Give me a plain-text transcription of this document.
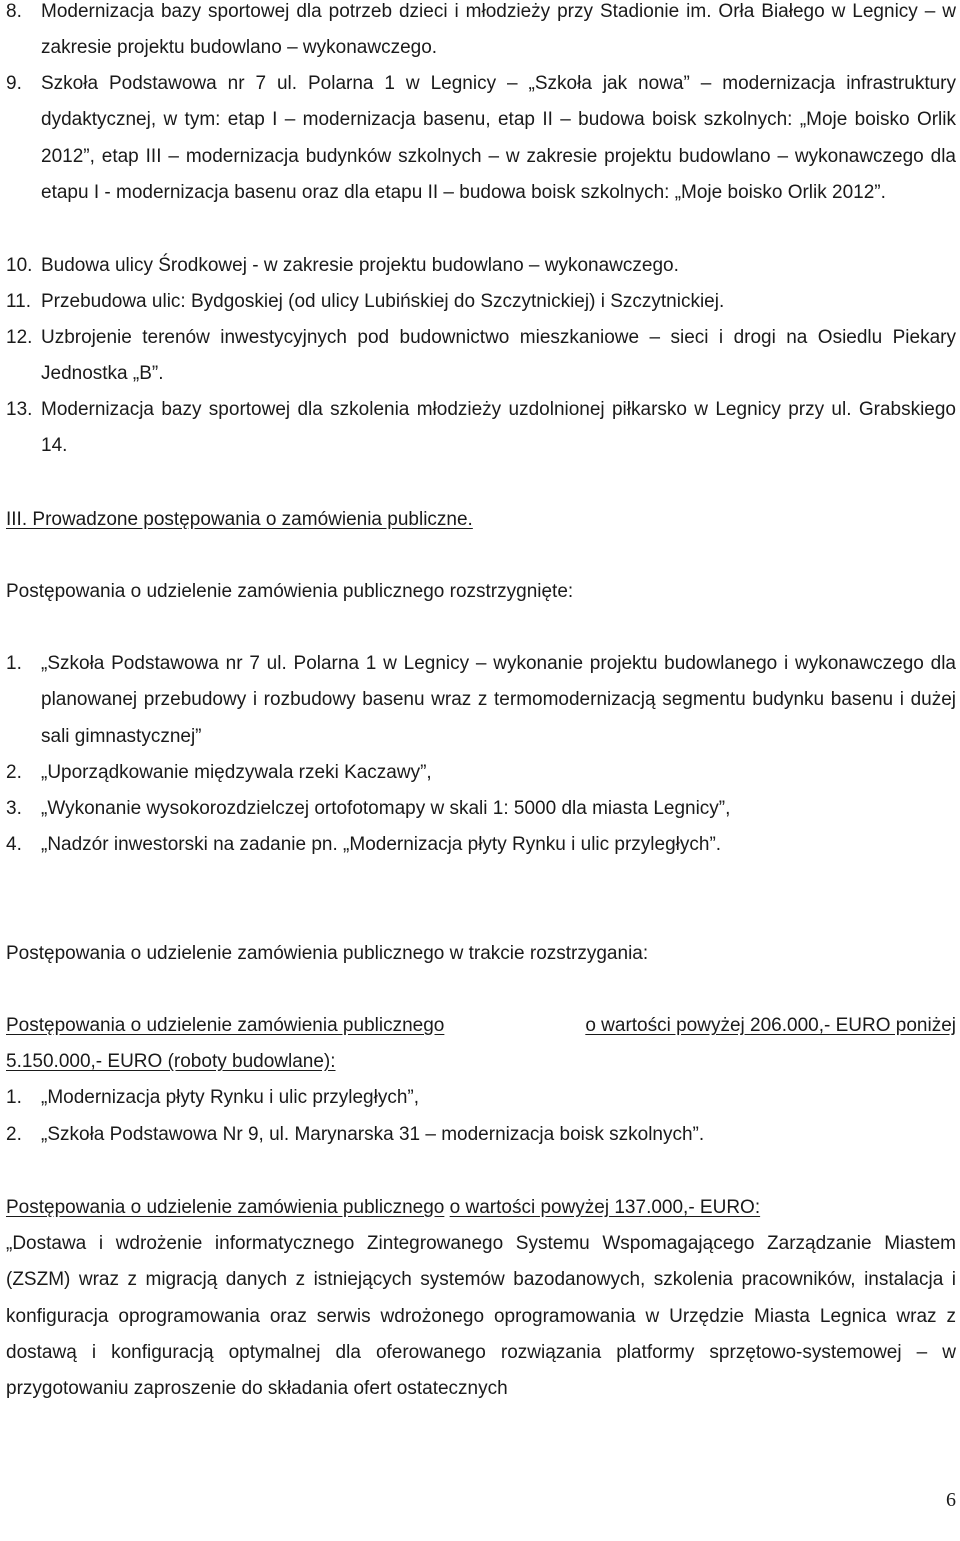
8.	Modernizacja bazy sportowej dla potrzeb dzieci i młodzieży przy Stadionie im. Orła Białego w Legnicy – w zakresie projektu budowlano – wykonawczego.
9.	Szkoła Podstawowa nr 7 ul. Polarna 1 w Legnicy – „Szkoła jak nowa” – modernizacja infrastruktury dydaktycznej, w tym: etap I – modernizacja basenu, etap II – budowa boisk szkolnych: „Moje boisko Orlik 2012”, etap III – modernizacja budynków szkolnych – w zakresie projektu budowlano – wykonawczego dla etapu I - modernizacja basenu oraz dla etapu II – budowa boisk szkolnych: „Moje boisko Orlik 2012”.
10. Budowa ulicy Środkowej - w zakresie projektu budowlano – wykonawczego.
11. Przebudowa ulic: Bydgoskiej (od ulicy Lubińskiej do Szczytnickiej) i Szczytnickiej.
12. Uzbrojenie terenów inwestycyjnych pod budownictwo mieszkaniowe – sieci i drogi na Osiedlu Piekary Jednostka „B”.
13. Modernizacja bazy sportowej dla szkolenia młodzieży uzdolnionej piłkarsko w Legnicy przy ul. Grabskiego 14.
III. Prowadzone postępowania o zamówienia publiczne.
Postępowania o udzielenie zamówienia publicznego rozstrzygnięte:
1.	„Szkoła Podstawowa nr 7 ul. Polarna 1 w Legnicy – wykonanie projektu budowlanego i wykonawczego dla planowanej przebudowy i rozbudowy basenu wraz z termomodernizacją segmentu budynku basenu i dużej sali gimnastycznej”
2.	„Uporządkowanie międzywala rzeki Kaczawy”,
3.	„Wykonanie wysokorozdzielczej ortofotomapy w skali 1: 5000 dla miasta Legnicy”,
4.	„Nadzór inwestorski na zadanie pn. „Modernizacja płyty Rynku i ulic przyległych”.
Postępowania o udzielenie zamówienia publicznego w trakcie rozstrzygania:
Postępowania o udzielenie zamówienia publicznego	o wartości powyżej 206.000,- EURO poniżej
5.150.000,- EURO (roboty budowlane):
1.	„Modernizacja płyty Rynku i ulic przyległych”,
2.	„Szkoła Podstawowa Nr 9, ul. Marynarska 31 – modernizacja boisk szkolnych”.
Postępowania o udzielenie zamówienia publicznego o wartości powyżej 137.000,- EURO:
„Dostawa i wdrożenie informatycznego Zintegrowanego Systemu Wspomagającego Zarządzanie Miastem (ZSZM) wraz z migracją danych z istniejących systemów bazodanowych, szkolenia pracowników, instalacja i konfiguracja oprogramowania oraz serwis wdrożonego oprogramowania w Urzędzie Miasta Legnica wraz z dostawą i konfiguracją optymalnej dla oferowanego rozwiązania platformy sprzętowo-systemowej – w przygotowaniu zaproszenie do składania ofert ostatecznych
6
